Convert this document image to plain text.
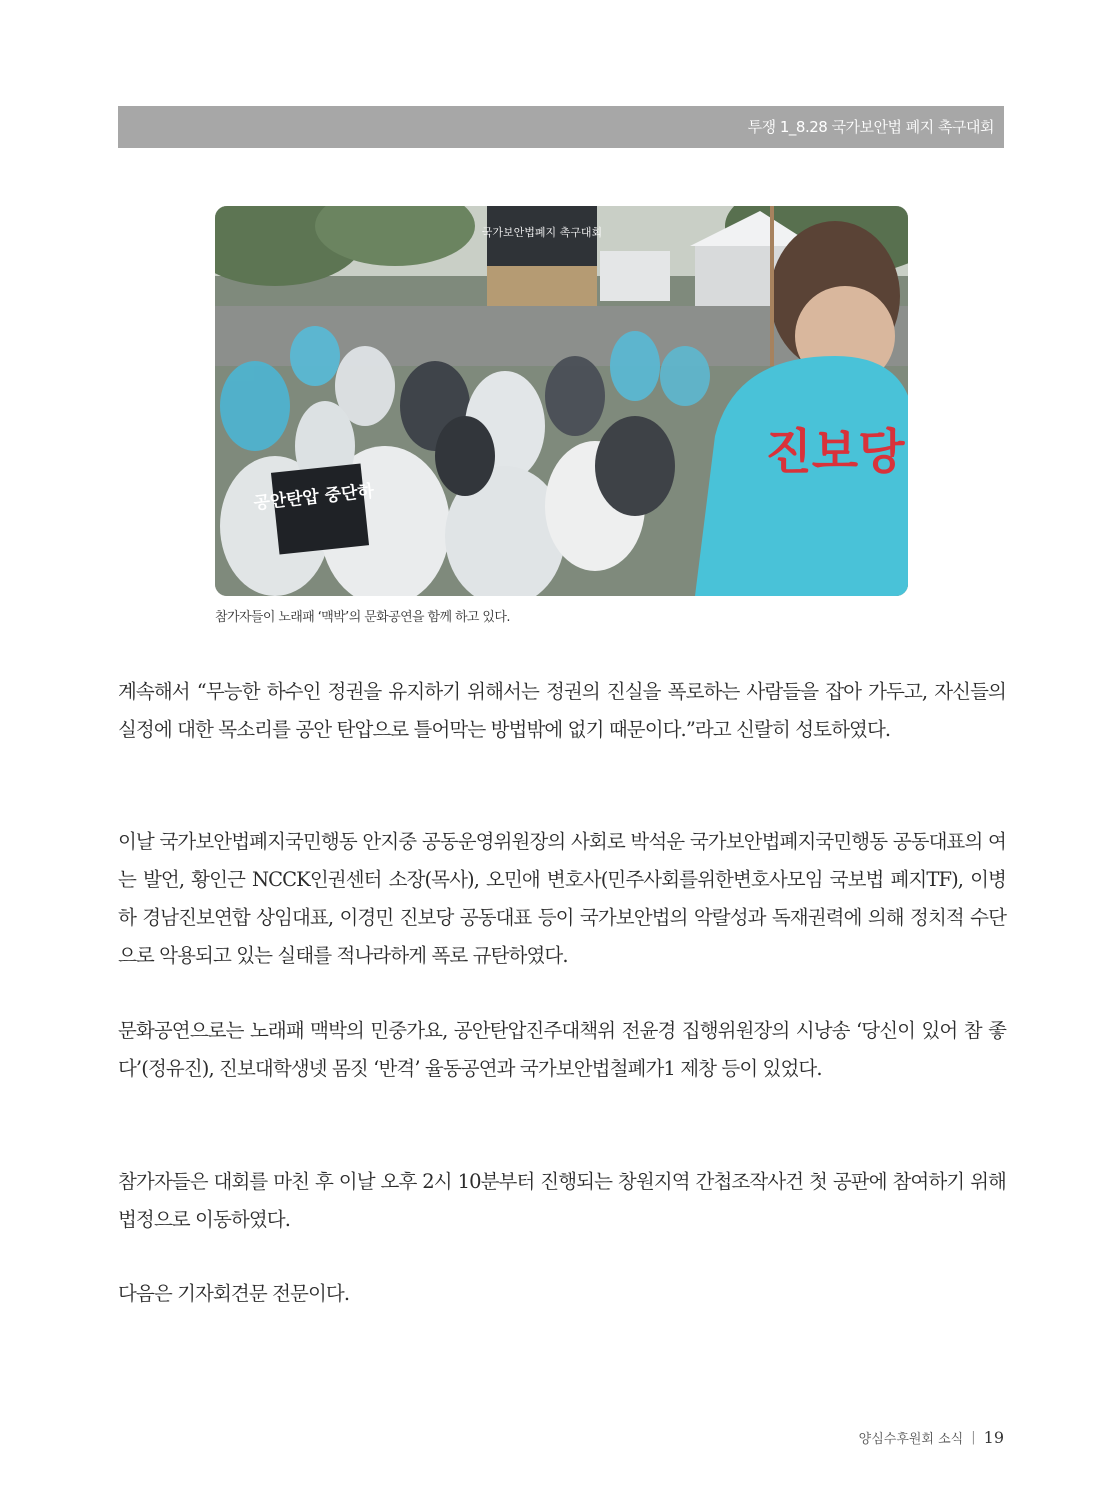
투쟁 1_8.28 국가보안법 폐지 촉구대회
국가보안법폐지 촉구대회
공안탄압 중단하
진보당
참가자들이 노래패 ‘맥박’의 문화공연을 함께 하고 있다.

계속해서 “무능한 하수인 정권을 유지하기 위해서는 정권의 진실을 폭로하는 사람들을 잡아 가두고, 자신들의 실정에 대한 목소리를 공안 탄압으로 틀어막는 방법밖에 없기 때문이다.”라고 신랄히 성토하였다.

이날 국가보안법폐지국민행동 안지중 공동운영위원장의 사회로 박석운 국가보안법폐지국민행동 공동대표의 여는 발언, 황인근 NCCK인권센터 소장(목사), 오민애 변호사(민주사회를위한변호사모임 국보법 폐지TF), 이병하 경남진보연합 상임대표, 이경민 진보당 공동대표 등이 국가보안법의 악랄성과 독재권력에 의해 정치적 수단으로 악용되고 있는 실태를 적나라하게 폭로 규탄하였다.

문화공연으로는 노래패 맥박의 민중가요, 공안탄압진주대책위 전윤경 집행위원장의 시낭송 ‘당신이 있어 참 좋다’(정유진), 진보대학생넷 몸짓 ‘반격’ 율동공연과 국가보안법철폐가1 제창 등이 있었다.

참가자들은 대회를 마친 후 이날 오후 2시 10분부터 진행되는 창원지역 간첩조작사건 첫 공판에 참여하기 위해 법정으로 이동하였다.

다음은 기자회견문 전문이다.

양심수후원회 소식 | 19
